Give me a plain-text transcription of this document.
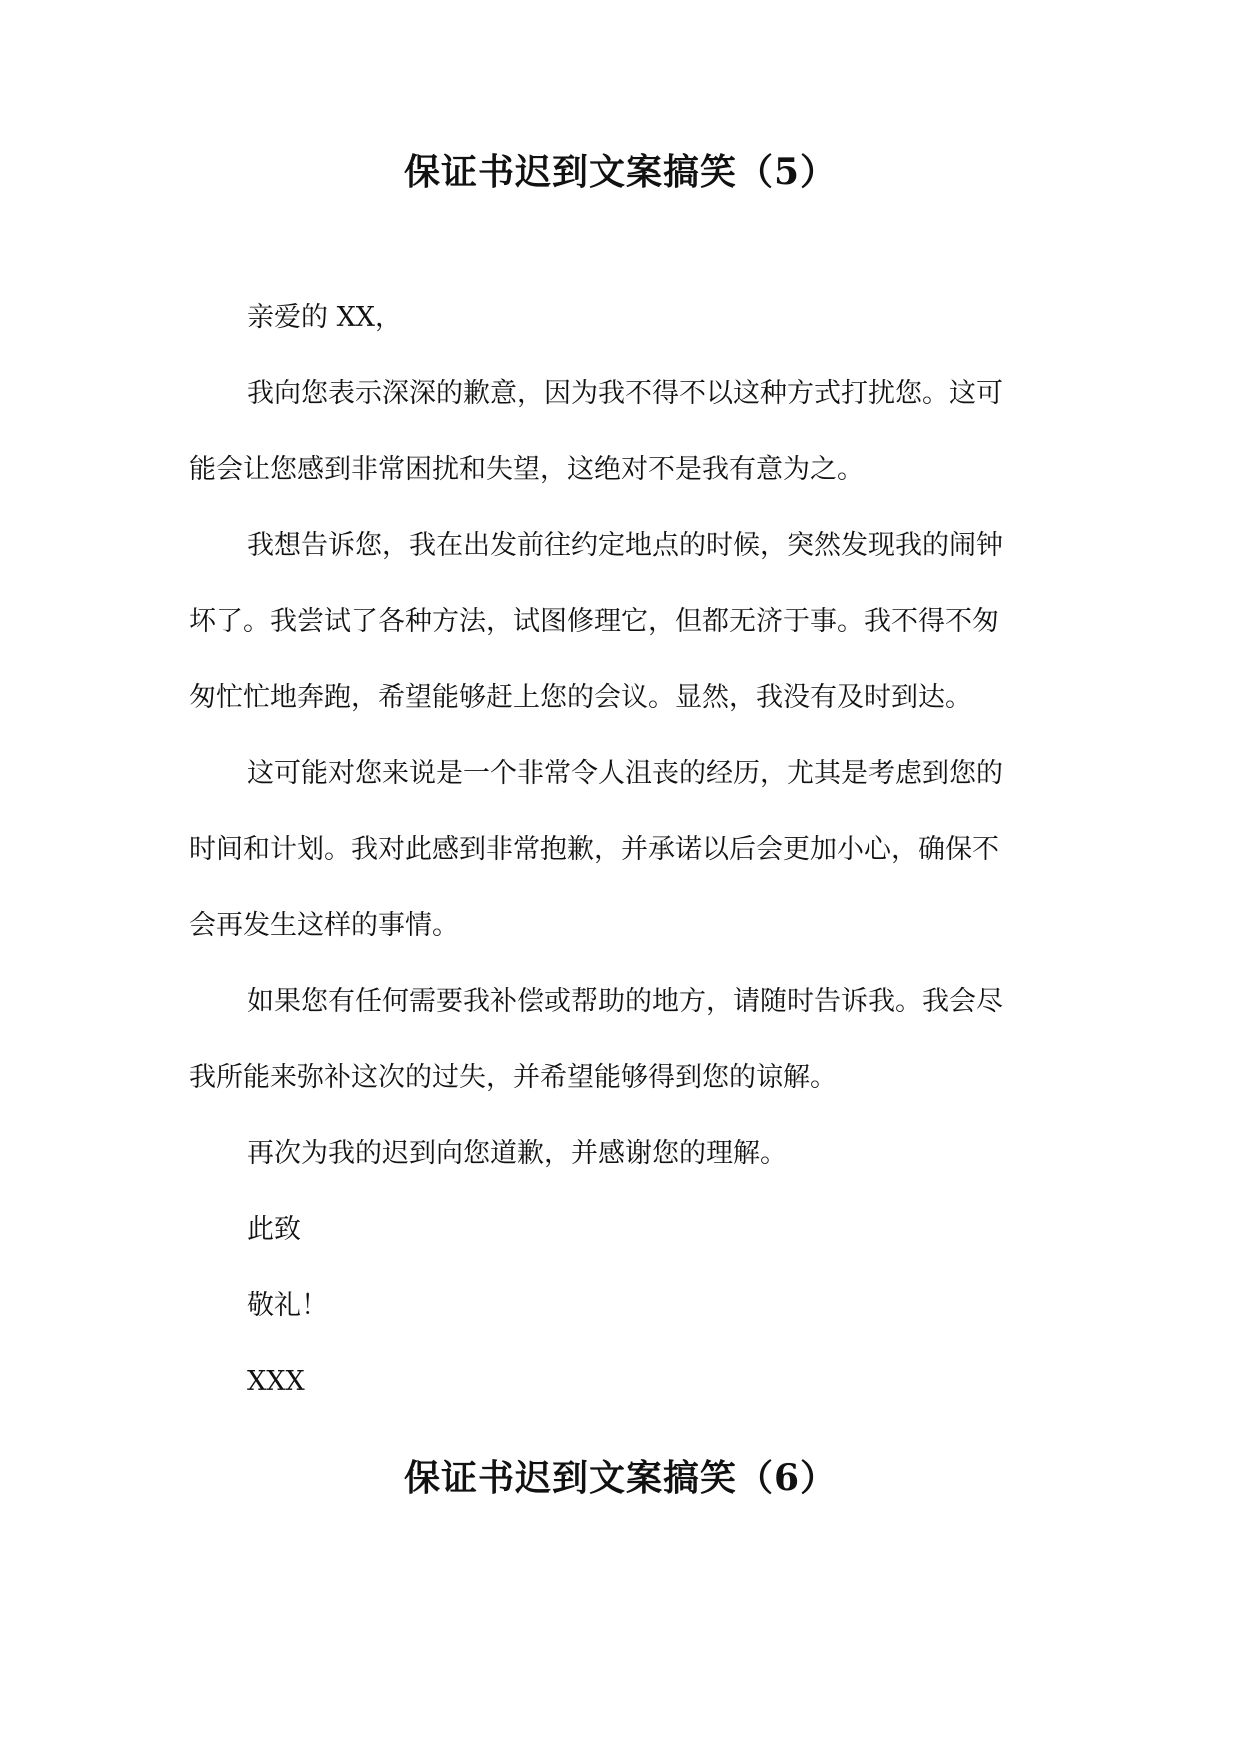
保证书迟到文案搞笑（5）
亲爱的 XX，
我向您表示深深的歉意，因为我不得不以这种方式打扰您。这可
能会让您感到非常困扰和失望，这绝对不是我有意为之。
我想告诉您，我在出发前往约定地点的时候，突然发现我的闹钟
坏了。我尝试了各种方法，试图修理它，但都无济于事。我不得不匆
匆忙忙地奔跑，希望能够赶上您的会议。显然，我没有及时到达。
这可能对您来说是一个非常令人沮丧的经历，尤其是考虑到您的
时间和计划。我对此感到非常抱歉，并承诺以后会更加小心，确保不
会再发生这样的事情。
如果您有任何需要我补偿或帮助的地方，请随时告诉我。我会尽
我所能来弥补这次的过失，并希望能够得到您的谅解。
再次为我的迟到向您道歉，并感谢您的理解。
此致
敬礼！
XXX
保证书迟到文案搞笑（6）
